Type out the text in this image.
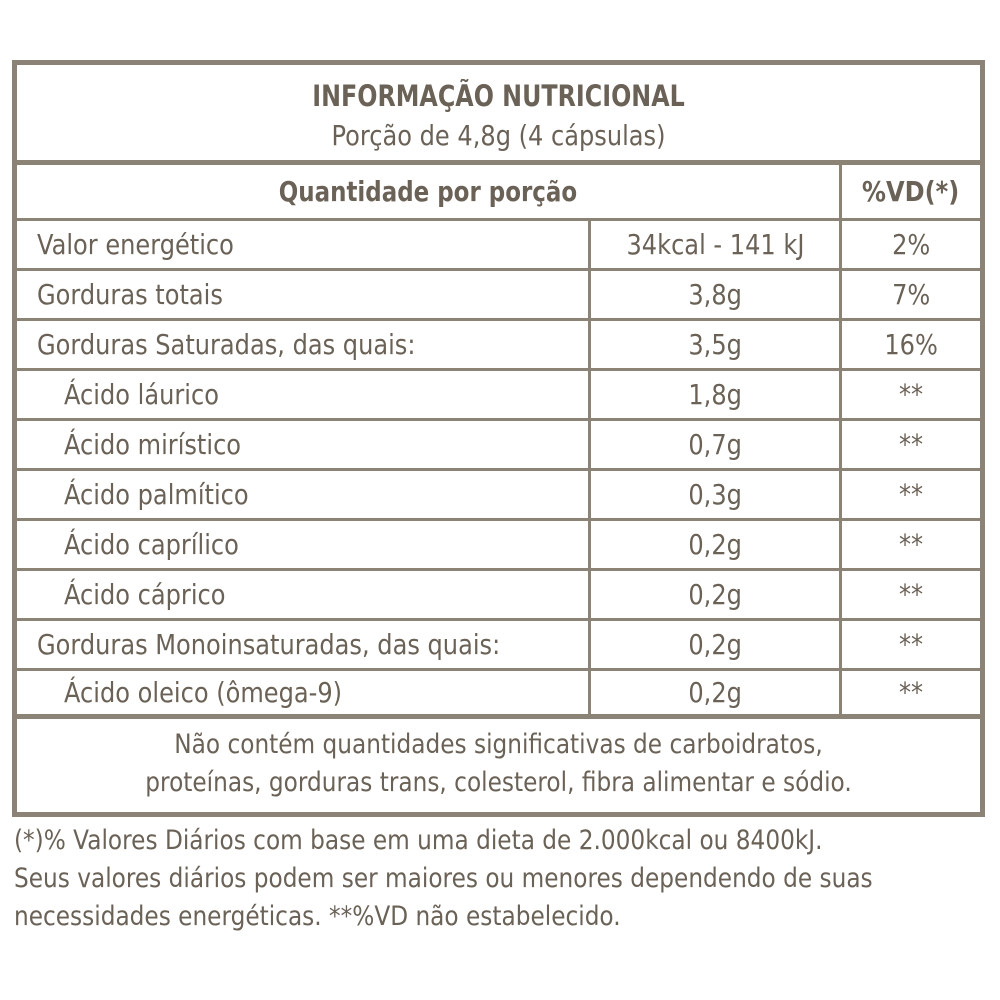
INFORMAÇÃO NUTRICIONAL
Porção de 4,8g (4 cápsulas)
Quantidade por porção	%VD(*)
Valor energético	34kcal - 141 kJ	2%
Gorduras totais	3,8g	7%
Gorduras Saturadas, das quais:	3,5g	16%
Ácido láurico	1,8g	**
Ácido mirístico	0,7g	**
Ácido palmítico	0,3g	**
Ácido caprílico	0,2g	**
Ácido cáprico	0,2g	**
Gorduras Monoinsaturadas, das quais:	0,2g	**
Ácido oleico (ômega-9)	0,2g	**
Não contém quantidades significativas de carboidratos,
proteínas, gorduras trans, colesterol, fibra alimentar e sódio.
(*)% Valores Diários com base em uma dieta de 2.000kcal ou 8400kJ.
Seus valores diários podem ser maiores ou menores dependendo de suas
necessidades energéticas. **%VD não estabelecido.
